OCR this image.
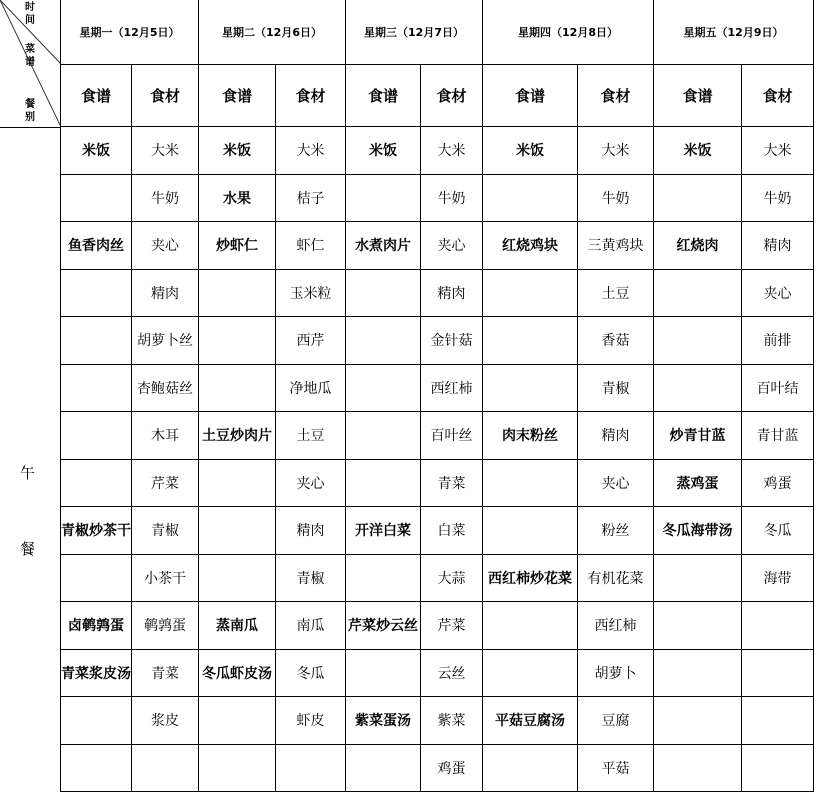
时间
菜谱
餐别
午
餐
星期一（12月5日）		星期二（12月6日）		星期三（12月7日）		星期四（12月8日）		星期五（12月9日）	
食谱	食材	食谱	食材	食谱	食材	食谱	食材	食谱	食材
米饭	大米	米饭	大米	米饭	大米	米饭	大米	米饭	大米
	牛奶	水果	桔子		牛奶		牛奶		牛奶
鱼香肉丝	夹心	炒虾仁	虾仁	水煮肉片	夹心	红烧鸡块	三黄鸡块	红烧肉	精肉
	精肉		玉米粒		精肉		土豆		夹心
	胡萝卜丝		西芹		金针菇		香菇		前排
	杏鲍菇丝		净地瓜		西红柿		青椒		百叶结
	木耳	土豆炒肉片	土豆		百叶丝	肉末粉丝	精肉	炒青甘蓝	青甘蓝
	芹菜		夹心		青菜		夹心	蒸鸡蛋	鸡蛋
青椒炒茶干	青椒		精肉	开洋白菜	白菜		粉丝	冬瓜海带汤	冬瓜
	小茶干		青椒		大蒜	西红柿炒花菜	有机花菜		海带
卤鹌鹑蛋	鹌鹑蛋	蒸南瓜	南瓜	芹菜炒云丝	芹菜		西红柿		
青菜浆皮汤	青菜	冬瓜虾皮汤	冬瓜		云丝		胡萝卜		
	浆皮		虾皮	紫菜蛋汤	紫菜	平菇豆腐汤	豆腐		
					鸡蛋		平菇		
